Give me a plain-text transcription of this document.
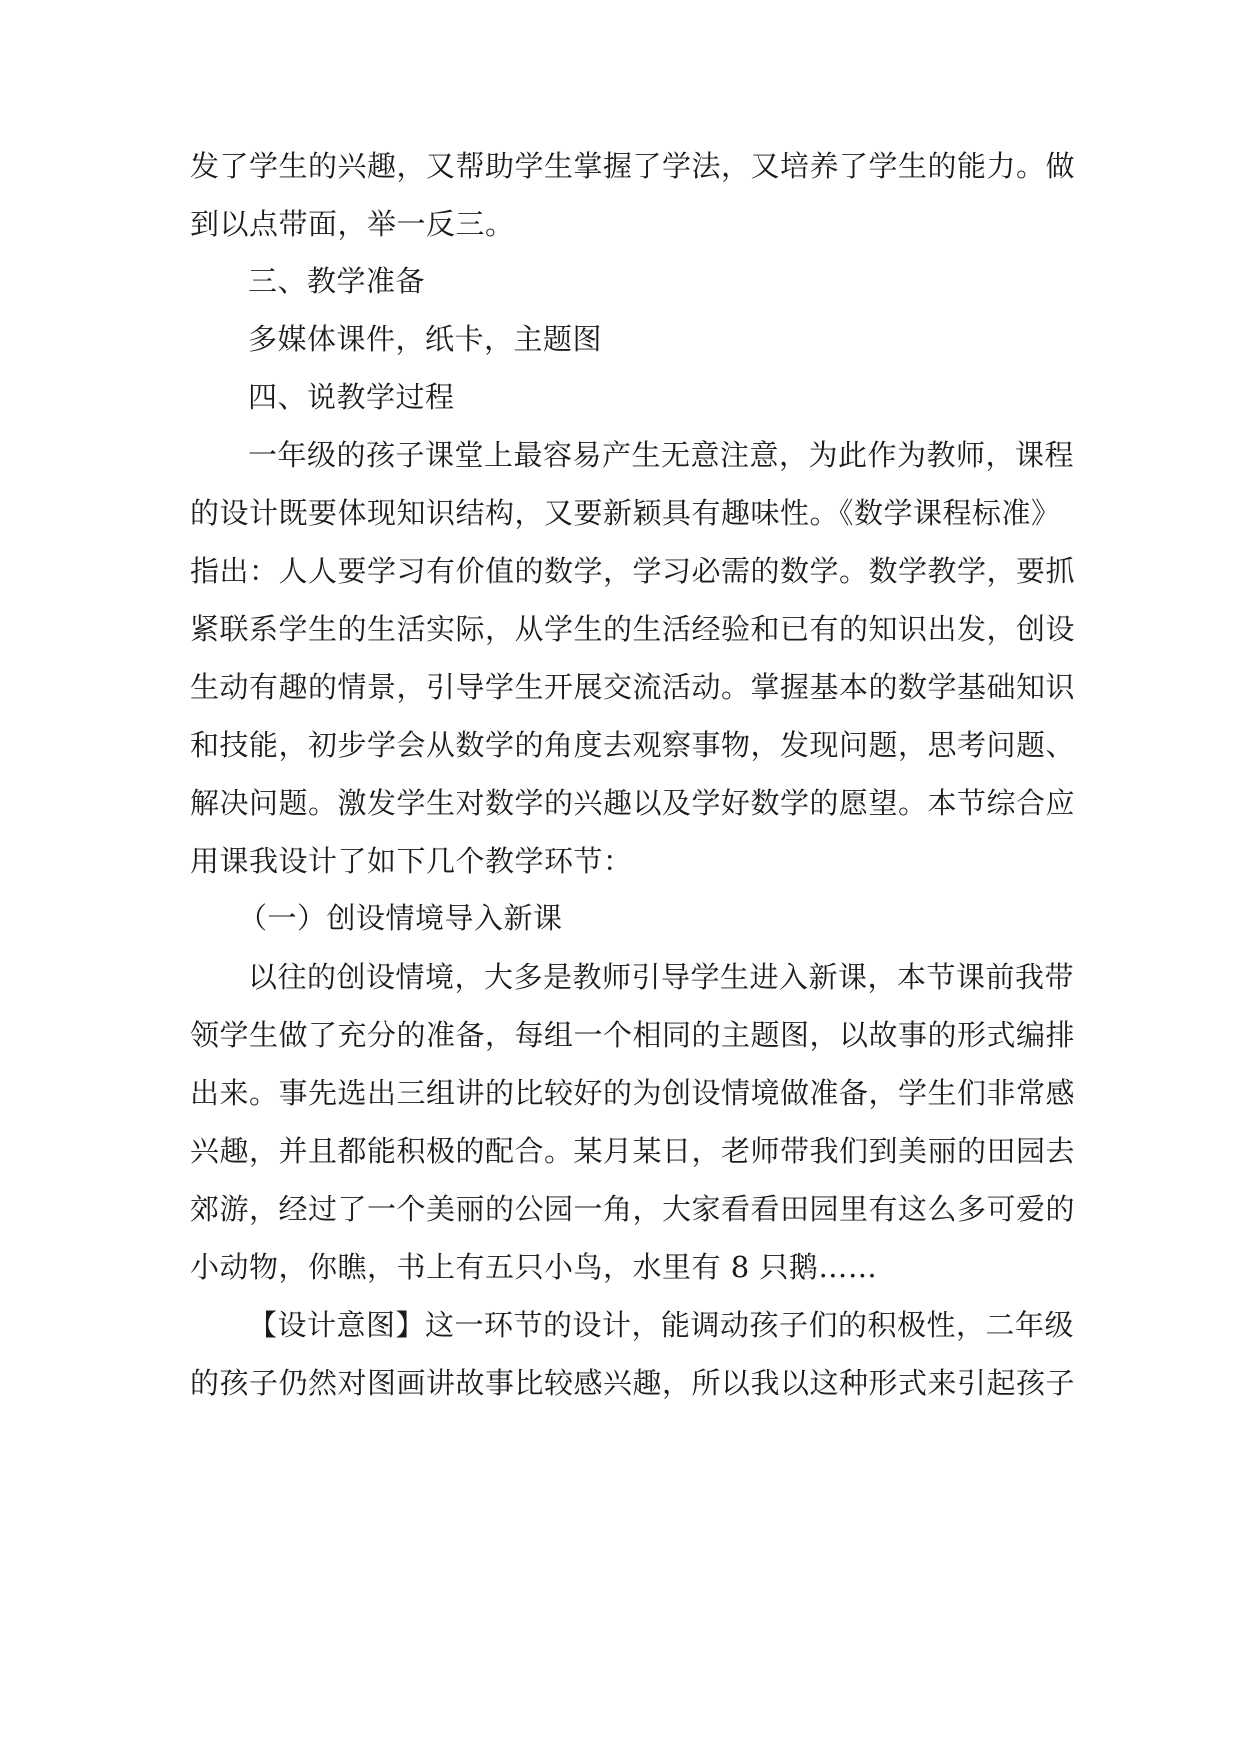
发了学生的兴趣，又帮助学生掌握了学法，又培养了学生的能力。做
到以点带面，举一反三。
三、教学准备
多媒体课件，纸卡，主题图
四、说教学过程
一年级的孩子课堂上最容易产生无意注意，为此作为教师，课程
的设计既要体现知识结构，又要新颖具有趣味性。《数学课程标准》
指出：人人要学习有价值的数学，学习必需的数学。数学教学，要抓
紧联系学生的生活实际，从学生的生活经验和已有的知识出发，创设
生动有趣的情景，引导学生开展交流活动。掌握基本的数学基础知识
和技能，初步学会从数学的角度去观察事物，发现问题，思考问题、
解决问题。激发学生对数学的兴趣以及学好数学的愿望。本节综合应
用课我设计了如下几个教学环节：
（一）创设情境导入新课
以往的创设情境，大多是教师引导学生进入新课，本节课前我带
领学生做了充分的准备，每组一个相同的主题图，以故事的形式编排
出来。事先选出三组讲的比较好的为创设情境做准备，学生们非常感
兴趣，并且都能积极的配合。某月某日，老师带我们到美丽的田园去
郊游，经过了一个美丽的公园一角，大家看看田园里有这么多可爱的
小动物，你瞧，书上有五只小鸟，水里有 8 只鹅……
【设计意图】这一环节的设计，能调动孩子们的积极性，二年级
的孩子仍然对图画讲故事比较感兴趣，所以我以这种形式来引起孩子
